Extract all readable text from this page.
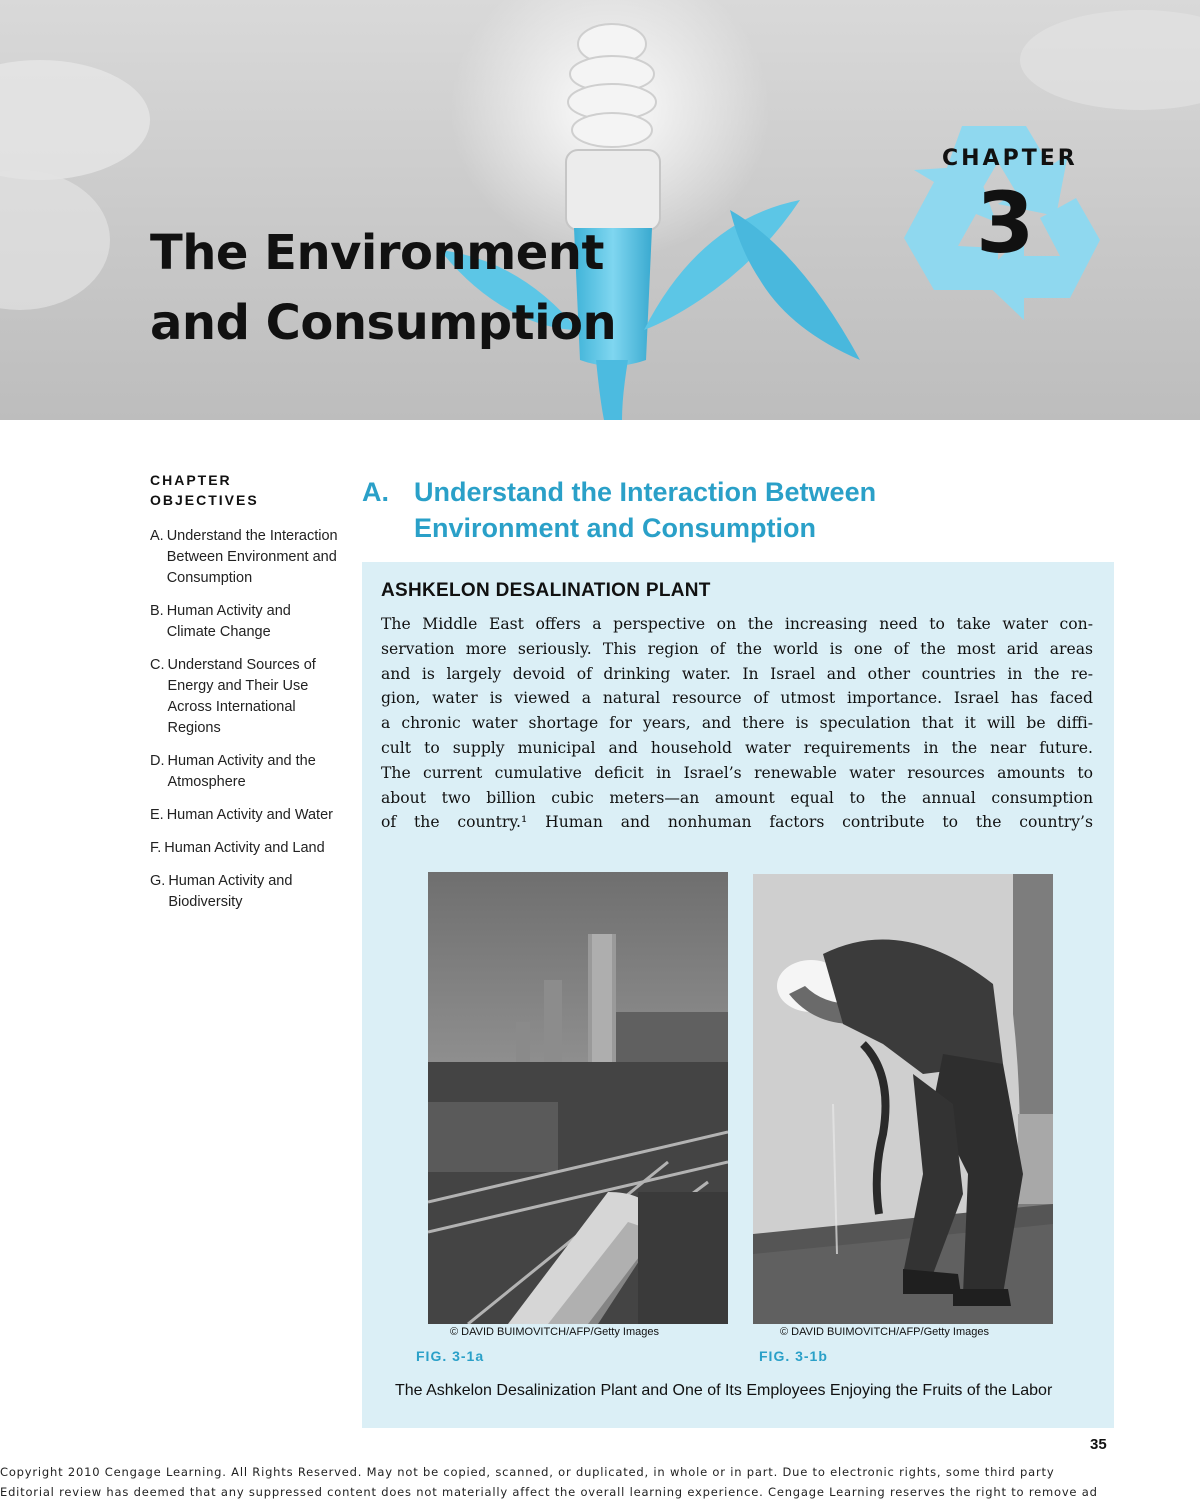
The Environment
and Consumption
CHAPTER
3
CHAPTER
OBJECTIVES
A. Understand the Interaction Between Environment and Consumption
B. Human Activity and Climate Change
C. Understand Sources of Energy and Their Use Across International Regions
D. Human Activity and the Atmosphere
E. Human Activity and Water
F. Human Activity and Land
G. Human Activity and Biodiversity
A. Understand the Interaction Between
Environment and Consumption
ASHKELON DESALINATION PLANT

The Middle East offers a perspective on the increasing need to take water con-
servation more seriously. This region of the world is one of the most arid areas
and is largely devoid of drinking water. In Israel and other countries in the re-
gion, water is viewed a natural resource of utmost importance. Israel has faced
a chronic water shortage for years, and there is speculation that it will be diffi-
cult to supply municipal and household water requirements in the near future.
The current cumulative deficit in Israel’s renewable water resources amounts to
about two billion cubic meters—an amount equal to the annual consumption
of the country.¹ Human and nonhuman factors contribute to the country’s

© DAVID BUIMOVITCH/AFP/Getty Images	© DAVID BUIMOVITCH/AFP/Getty Images
FIG. 3-1a	FIG. 3-1b

The Ashkelon Desalinization Plant and One of Its Employees Enjoying the Fruits of the Labor

35

Copyright 2010 Cengage Learning. All Rights Reserved. May not be copied, scanned, or duplicated, in whole or in part. Due to electronic rights, some third party
Editorial review has deemed that any suppressed content does not materially affect the overall learning experience. Cengage Learning reserves the right to remove ad
